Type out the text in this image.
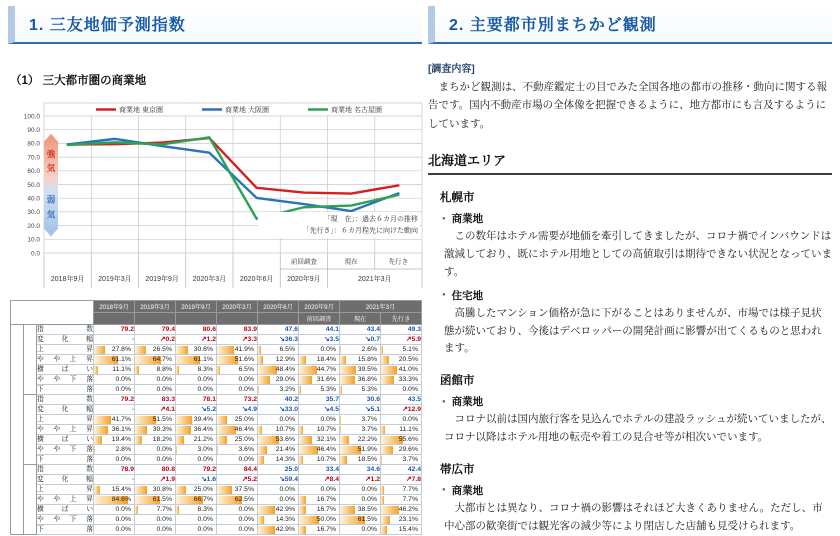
1. 三友地価予測指数
（1） 三大都市圏の商業地
0.0
10.0
20.0
30.0
40.0
50.0
60.0
70.0
80.0
90.0
100.0
強
気
弱
気
商業地 東京圏	商業地 大阪圏	商業地 名古屋圏
「現　在」：過去６カ月の推移
「先行き」：６カ月程先に向けた動向
2018年9月 2019年3月 2019年9月 2020年3月 2020年6月 2020年9月	2021年3月
前回調査	現在	先行き
			2018年9月	2019年3月	2019年9月	2020年3月	2020年6月	2020年9月	2021年3月	
								前回調査	現在	先行き
商業地	東京圏	指数	79.2	79.4	80.6	83.9	47.6	44.1	43.4	49.3
		変化幅	-	↗0.2	↗1.2	↗3.3	↘36.3	↘3.5	↘0.7	↗5.9
		上昇	27.8%	26.5%	30.6%	41.9%	6.5%	0.0%	2.6%	5.1%

		やや上昇	61.1%	64.7%	61.1%	51.6%	12.9%	18.4%	15.8%	20.5%

		横ばい	11.1%	8.8%	8.3%	6.5%	48.4%	44.7%	39.5%	41.0%

		やや下落	0.0%	0.0%	0.0%	0.0%	29.0%	31.6%	36.8%	33.3%

		下落	0.0%	0.0%	0.0%	0.0%	3.2%	5.3%	5.3%	0.0%

	大阪圏	指数	79.2	83.3	78.1	73.2	40.2	35.7	30.6	43.5
		変化幅	-	↗4.1	↘5.2	↘4.9	↘33.0	↘4.5	↘5.1	↗12.9
		上昇	41.7%	51.5%	39.4%	25.0%	0.0%	0.0%	3.7%	0.0%

		やや上昇	36.1%	30.3%	36.4%	46.4%	10.7%	10.7%	3.7%	11.1%

		横ばい	19.4%	18.2%	21.2%	25.0%	53.6%	32.1%	22.2%	55.6%

		やや下落	2.8%	0.0%	3.0%	3.6%	21.4%	46.4%	51.9%	29.6%

		下落	0.0%	0.0%	0.0%	0.0%	14.3%	10.7%	18.5%	3.7%

	名古屋圏	指数	78.9	80.8	79.2	84.4	25.0	33.4	34.6	42.4
		変化幅	-	↗1.9	↘1.6	↗5.2	↘59.4	↗8.4	↗1.2	↗7.8
		上昇	15.4%	30.8%	25.0%	37.5%	0.0%	0.0%	0.0%	7.7%

		やや上昇	84.6%	61.5%	66.7%	62.5%	0.0%	16.7%	0.0%	7.7%

		横ばい	0.0%	7.7%	8.3%	0.0%	42.9%	16.7%	38.5%	46.2%

		やや下落	0.0%	0.0%	0.0%	0.0%	14.3%	50.0%	61.5%	23.1%

		下落	0.0%	0.0%	0.0%	0.0%	42.9%	16.7%	0.0%	15.4%
2. 主要都市別まちかど観測
[調査内容]
まちかど観測は、不動産鑑定士の目でみた全国各地の都市の推移・動向に関する報告です。国内不動産市場の全体像を把握できるように、地方都市にも言及するようにしています。
北海道エリア
札幌市
● 商業地
この数年はホテル需要が地価を牽引してきましたが、コロナ禍でインバウンドは激減しており、既にホテル用地としての高値取引は期待できない状況となっています。
● 住宅地
高騰したマンション価格が急に下がることはありませんが、市場では様子見状態が続いており、今後はデベロッパーの開発計画に影響が出てくるものと思われます。
函館市
● 商業地
コロナ以前は国内旅行客を見込んでホテルの建設ラッシュが続いていましたが、コロナ以降はホテル用地の転売や着工の見合せ等が相次いでいます。
帯広市
● 商業地
大都市とは異なり、コロナ禍の影響はそれほど大きくありません。ただし、市中心部の歓楽街では観光客の減少等により閉店した店舗も見受けられます。
